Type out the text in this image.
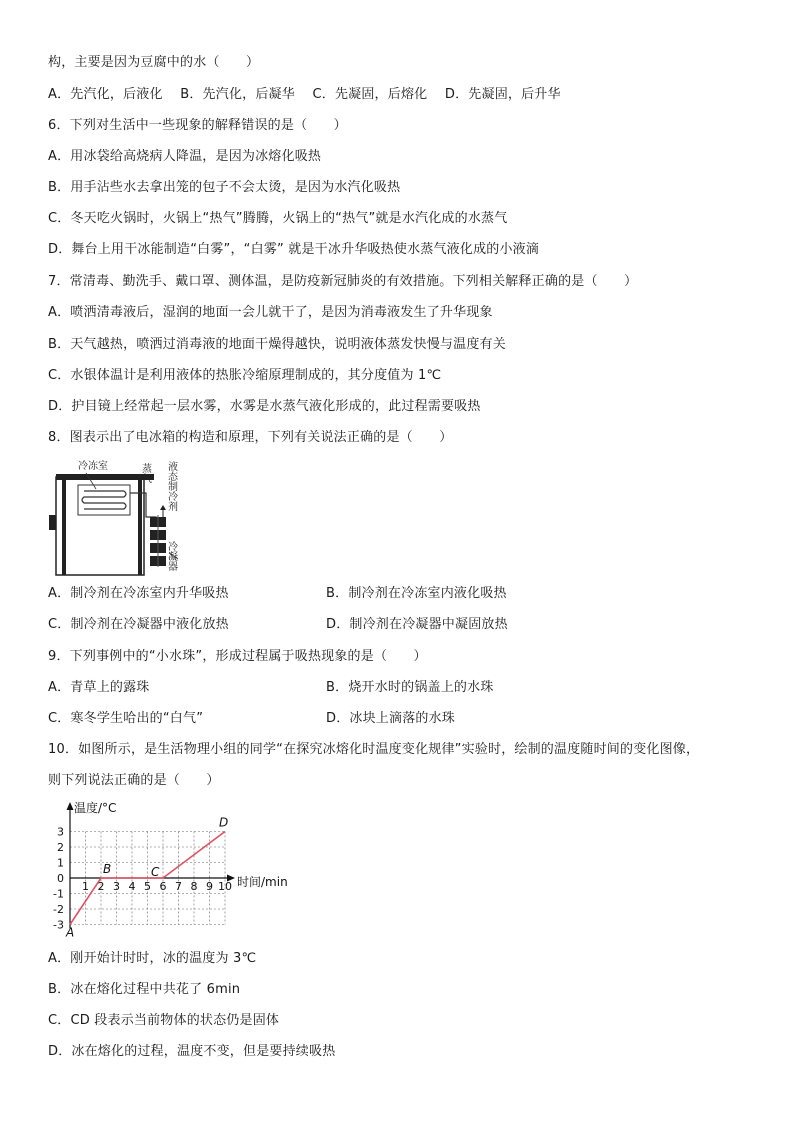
构，主要是因为豆腐中的水（　　）
A．先汽化，后液化　 B．先汽化，后凝华　 C．先凝固，后熔化　 D．先凝固，后升华
6．下列对生活中一些现象的解释错误的是（　　）
A．用冰袋给高烧病人降温，是因为冰熔化吸热
B．用手沾些水去拿出笼的包子不会太烫，是因为水汽化吸热
C．冬天吃火锅时，火锅上“热气”腾腾，火锅上的“热气”就是水汽化成的水蒸气
D．舞台上用干冰能制造“白雾”，“白雾” 就是干冰升华吸热使水蒸气液化成的小液滴
7．常清毒、勤洗手、戴口罩、测体温，是防疫新冠肺炎的有效措施。下列相关解释正确的是（　　）
A．喷洒清毒液后，湿润的地面一会儿就干了，是因为消毒液发生了升华现象
B．天气越热，喷洒过消毒液的地面干燥得越快，说明液体蒸发快慢与温度有关
C．水银体温计是利用液体的热胀冷缩原理制成的，其分度值为 1℃
D．护目镜上经常起一层水雾，水雾是水蒸气液化形成的，此过程需要吸热
8．图表示出了电冰箱的构造和原理，下列有关说法正确的是（　　）
冷冻室	蒸气 液态制冷剂
冷凝器
A．制冷剂在冷冻室内升华吸热	B．制冷剂在冷冻室内液化吸热
C．制冷剂在冷凝器中液化放热	D．制冷剂在冷凝器中凝固放热
9．下列事例中的“小水珠”，形成过程属于吸热现象的是（　　）
A．青草上的露珠	B．烧开水时的锅盖上的水珠
C．寒冬学生哈出的“白气”	D．冰块上滴落的水珠
10．如图所示，是生活物理小组的同学“在探究冰熔化时温度变化规律”实验时，绘制的温度随时间的变化图像，
则下列说法正确的是（　　）
温度/°C
时间/min
3
2
1
0
-1
-2
-3
1 2 3 4 5 6 7 8 9 10
A
B	C
D
A．刚开始计时时，冰的温度为 3℃
B．冰在熔化过程中共花了 6min
C．CD 段表示当前物体的状态仍是固体
D．冰在熔化的过程，温度不变，但是要持续吸热
